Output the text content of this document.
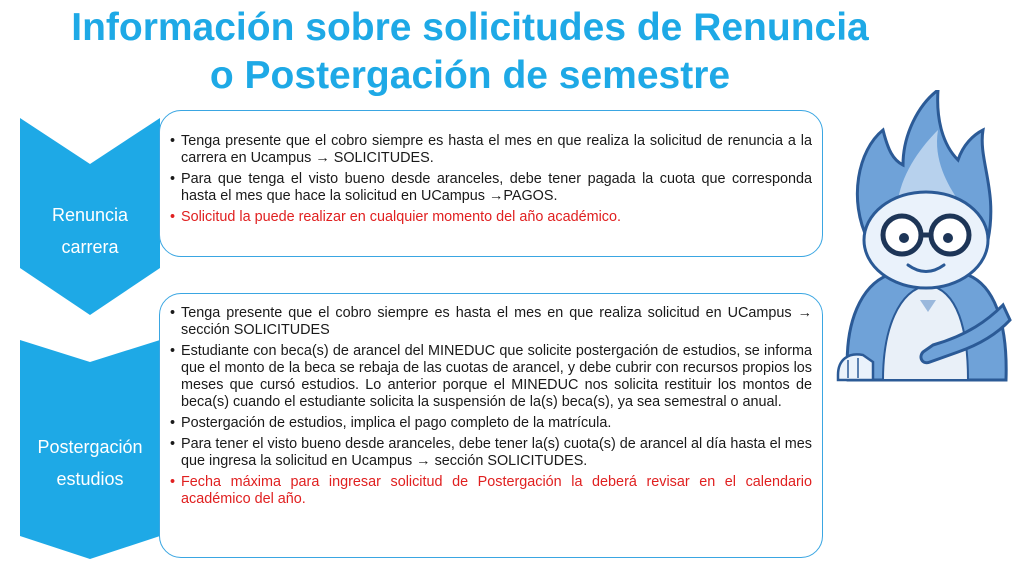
Información sobre solicitudes de Renuncia
o Postergación de semestre
Renuncia
carrera
• Tenga presente que el cobro siempre es hasta el mes en que realiza la solicitud de renuncia a la carrera en Ucampus → SOLICITUDES.
• Para que tenga el visto bueno desde aranceles, debe tener pagada la cuota que corresponda hasta el mes que hace la solicitud en UCampus →PAGOS.
• Solicitud la puede realizar en cualquier momento del año académico.
Postergación
estudios
• Tenga presente que el cobro siempre es hasta el mes en que realiza solicitud en UCampus → sección SOLICITUDES
• Estudiante con beca(s) de arancel del MINEDUC que solicite postergación de estudios, se informa que el monto de la beca se rebaja de las cuotas de arancel, y debe cubrir con recursos propios los meses que cursó estudios. Lo anterior porque el MINEDUC nos solicita restituir los montos de beca(s) cuando el estudiante solicita la suspensión de la(s) beca(s), ya sea semestral o anual.
• Postergación de estudios, implica el pago completo de la matrícula.
• Para tener el visto bueno desde aranceles, debe tener la(s) cuota(s) de arancel al día hasta el mes que ingresa la solicitud en Ucampus → sección SOLICITUDES.
• Fecha máxima para ingresar solicitud de Postergación la deberá revisar en el calendario académico del año.
